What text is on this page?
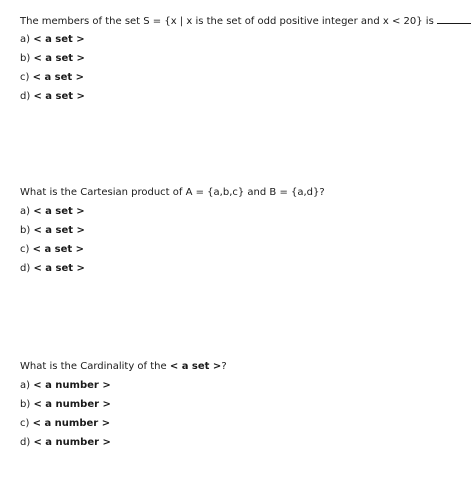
The members of the set S = {x | x is the set of odd positive integer and x < 20} is
a) < a set >
b) < a set >
c) < a set >
d) < a set >
What is the Cartesian product of A = {a,b,c} and B = {a,d}?
a) < a set >
b) < a set >
c) < a set >
d) < a set >
What is the Cardinality of the < a set >?
a) < a number >
b) < a number >
c) < a number >
d) < a number >
